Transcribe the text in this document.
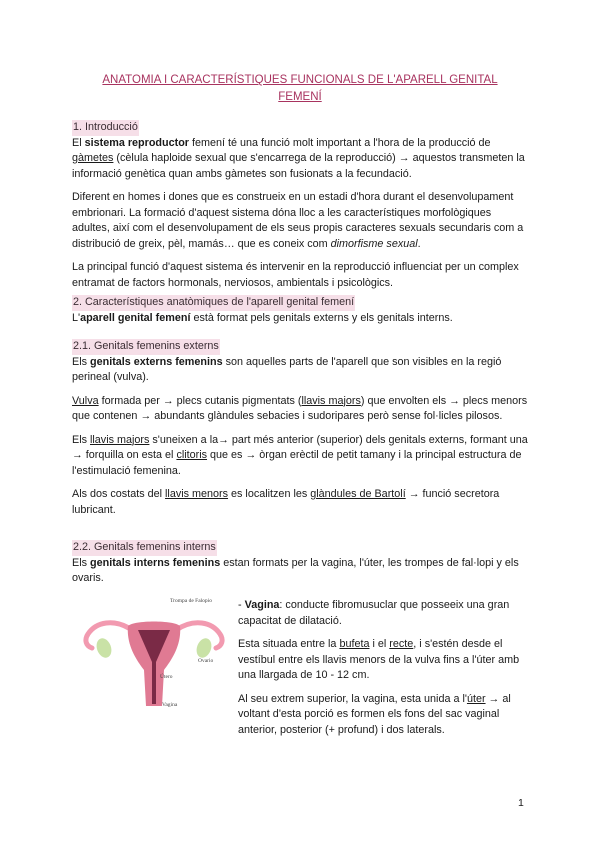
ANATOMIA I CARACTERÍSTIQUES FUNCIONALS DE L'APARELL GENITAL
FEMENÍ
1. Introducció

El sistema reproductor femení té una funció molt important a l'hora de la producció de gàmetes (cèlula haploide sexual que s'encarrega de la reproducció) → aquestos transmeten la informació genètica quan ambs gàmetes son fusionats a la fecundació.

Diferent en homes i dones que es construeix en un estadi d'hora durant el desenvolupament embrionari. La formació d'aquest sistema dóna lloc a les característiques morfològiques adultes, així com el desenvolupament de els seus propis caracteres sexuals secundaris com a distribució de greix, pèl, mamás… que es coneix com dimorfisme sexual.

La principal funció d'aquest sistema és intervenir en la reproducció influenciat per un complex entramat de factors hormonals, nerviosos, ambientals i psicològics.

2. Característiques anatòmiques de l'aparell genital femení

L'aparell genital femení està format pels genitals externs y els genitals interns.

2.1. Genitals femenins externs

Els genitals externs femenins son aquelles parts de l'aparell que son visibles en la regió perineal (vulva).

Vulva formada per → plecs cutanis pigmentats (llavis majors) que envolten els → plecs menors que contenen → abundants glàndules sebacies i sudoripares però sense fol·licles pilosos.

Els llavis majors s'uneixen a la→ part més anterior (superior) dels genitals externs, formant una → forquilla on esta el clitoris que es → òrgan erèctil de petit tamany i la principal estructura de l'estimulació femenina.

Als dos costats del llavis menors es localitzen les glàndules de Bartolí → funció secretora lubricant.

2.2. Genitals femenins interns

Els genitals interns femenins estan formats per la vagina, l'úter, les trompes de fal·lopi y els ovaris.

Trompa de Falopio
Ovario
Útero
Vagina

- Vagina: conducte fibromusuclar que posseeix una gran capacitat de dilatació.

Esta situada entre la bufeta i el recte, i s'estén desde el vestíbul entre els llavis menors de la vulva fins a l'úter amb una llargada de 10 - 12 cm.

Al seu extrem superior, la vagina, esta unida a l'úter → al voltant d'esta porció es formen els fons del sac vaginal anterior, posterior (+ profund) i dos laterals.

1
